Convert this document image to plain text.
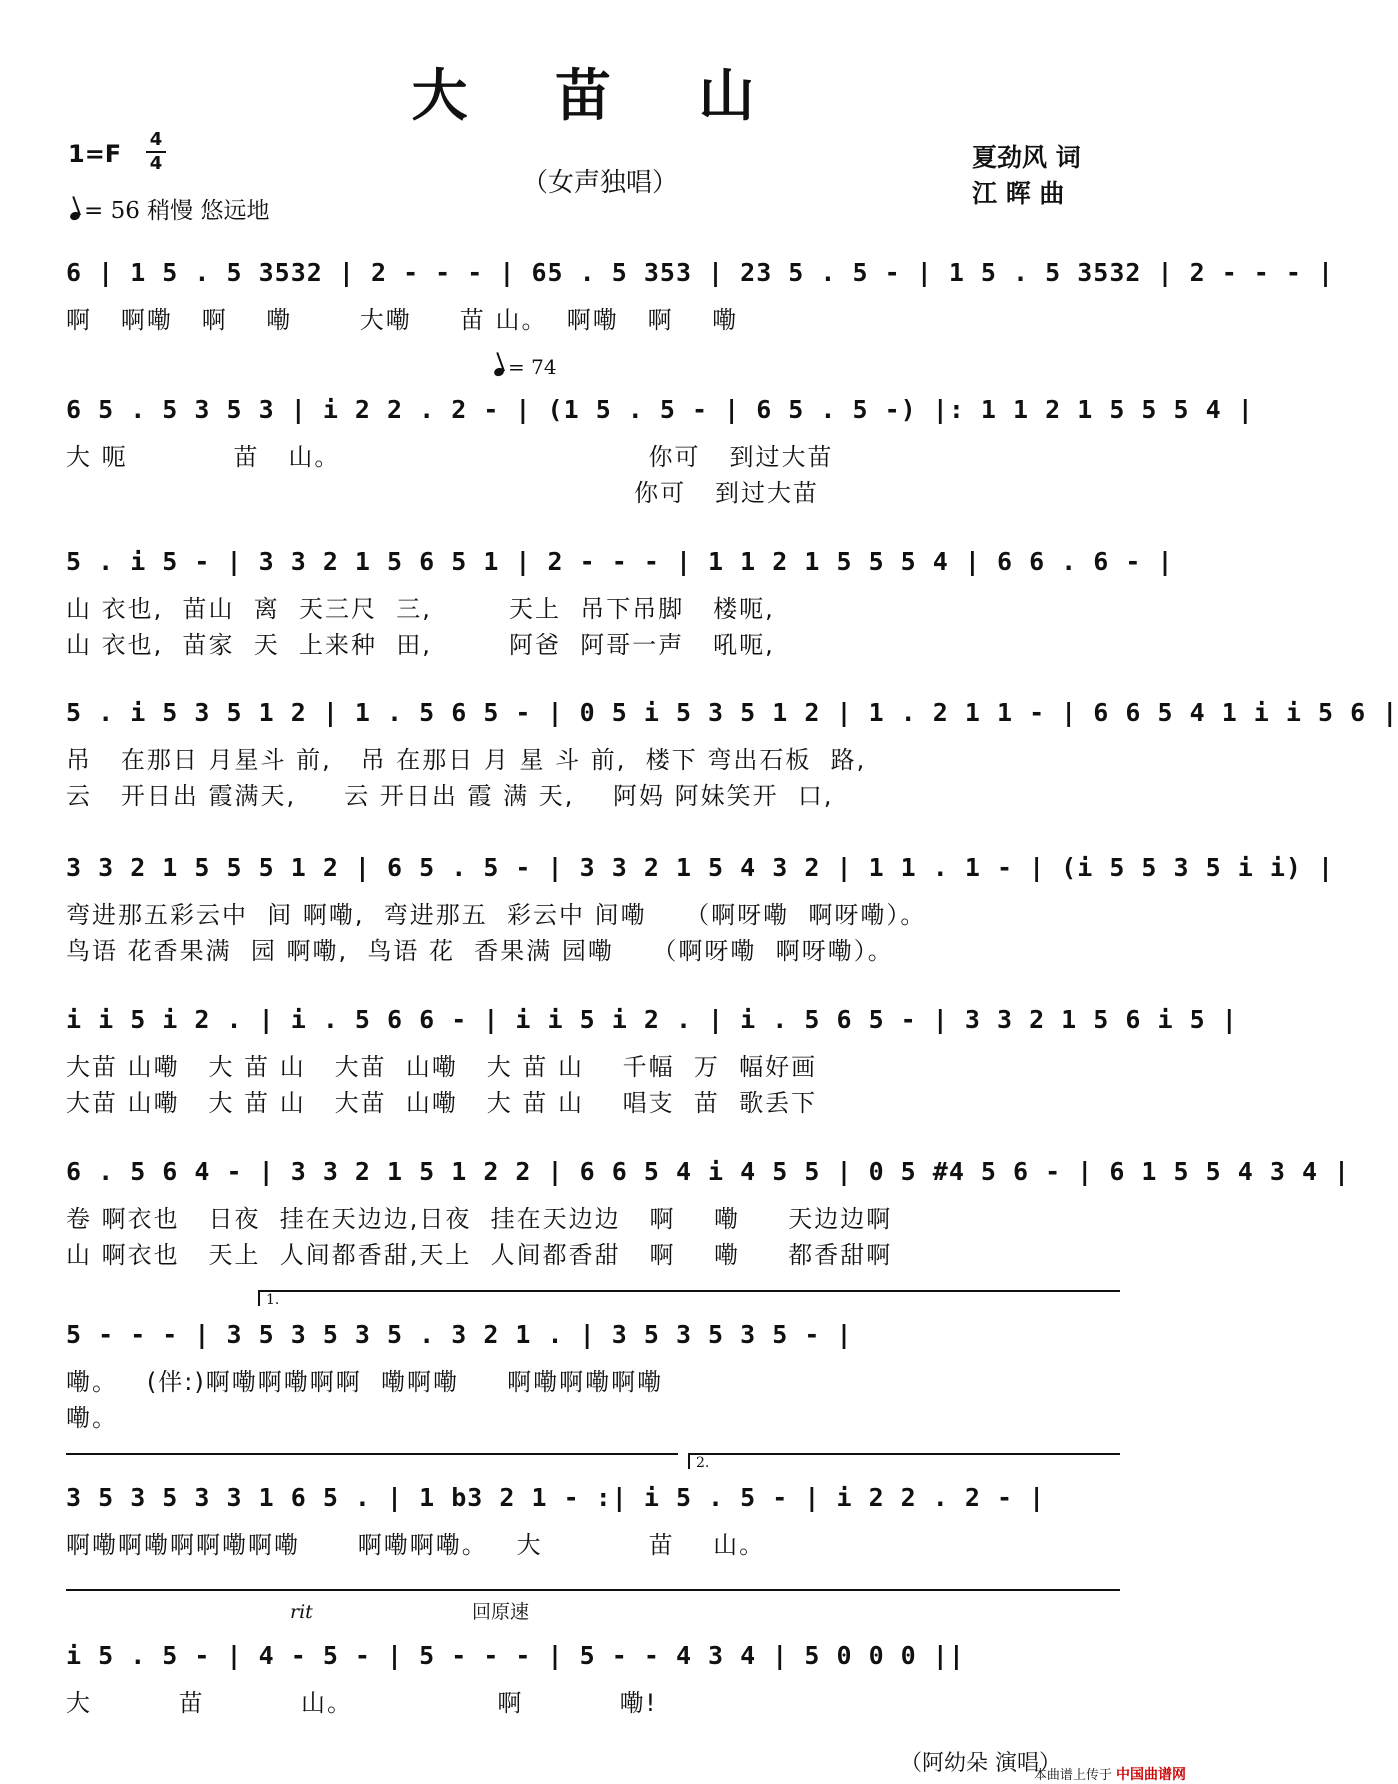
大 苗 山
1=F
4
4
（女声独唱）
= 56 稍慢 悠远地
夏劲风 词
江 晖 曲
6 | 1 5 . 5 3532 | 2 - - - | 65 . 5 353 | 23 5 . 5 - | 1 5 . 5 3532 | 2 - - - |
啊   啊嘞   啊    嘞       大嘞     苗 山。  啊嘞   啊    嘞
= 74
6 5 . 5 3 5 3 | i 2 2 . 2 - | (1 5 . 5 - | 6 5 . 5 -) |: 1 1 2 1 5 5 5 4 |
大 呃           苗   山。                                你可   到过大苗
你可   到过大苗
5 . i 5 - | 3 3 2 1 5 6 5 1 | 2 - - - | 1 1 2 1 5 5 5 4 | 6 6 . 6 - |
山 衣也,  苗山  离  天三尺  三,        天上  吊下吊脚   楼呃,
山 衣也,  苗家  天  上来种  田,        阿爸  阿哥一声   吼呃,
5 . i 5 3 5 1 2 | 1 . 5 6 5 - | 0 5 i 5 3 5 1 2 | 1 . 2 1 1 - | 6 6 5 4 1 i i 5 6 |
吊   在那日 月星斗 前,   吊 在那日 月 星 斗 前,  楼下 弯出石板  路,
云   开日出 霞满天,     云 开日出 霞 满 天,    阿妈 阿妹笑开  口,
3 3 2 1 5 5 5 1 2 | 6 5 . 5 - | 3 3 2 1 5 4 3 2 | 1 1 . 1 - | (i 5 5 3 5 i i) |
弯进那五彩云中  间 啊嘞,  弯进那五  彩云中 间嘞    （啊呀嘞  啊呀嘞）。
鸟语 花香果满  园 啊嘞,  鸟语 花  香果满 园嘞    （啊呀嘞  啊呀嘞）。
i i 5 i 2 . | i . 5 6 6 - | i i 5 i 2 . | i . 5 6 5 - | 3 3 2 1 5 6 i 5 |
大苗 山嘞   大 苗 山   大苗  山嘞   大 苗 山    千幅  万  幅好画
大苗 山嘞   大 苗 山   大苗  山嘞   大 苗 山    唱支  苗  歌丢下
6 . 5 6 4 - | 3 3 2 1 5 1 2 2 | 6 6 5 4 i 4 5 5 | 0 5 #4 5 6 - | 6 1 5 5 4 3 4 |
卷 啊衣也   日夜  挂在天边边,日夜  挂在天边边   啊    嘞     天边边啊
山 啊衣也   天上  人间都香甜,天上  人间都香甜   啊    嘞     都香甜啊
1.
5 - - - | 3 5 3 5 3 5 . 3 2 1 . | 3 5 3 5 3 5 - |
嘞。   (伴:)啊嘞啊嘞啊啊  嘞啊嘞     啊嘞啊嘞啊嘞
嘞。
2.
3 5 3 5 3 3 1 6 5 . | 1 b3 2 1 - :| i 5 . 5 - | i 2 2 . 2 - |
啊嘞啊嘞啊啊嘞啊嘞      啊嘞啊嘞。   大           苗    山。
rit	回原速
i 5 . 5 - | 4 - 5 - | 5 - - - | 5 - - 4 3 4 | 5 0 0 0 ||
大         苗          山。               啊          嘞!
（阿幼朵 演唱）
本曲谱上传于 中国曲谱网
